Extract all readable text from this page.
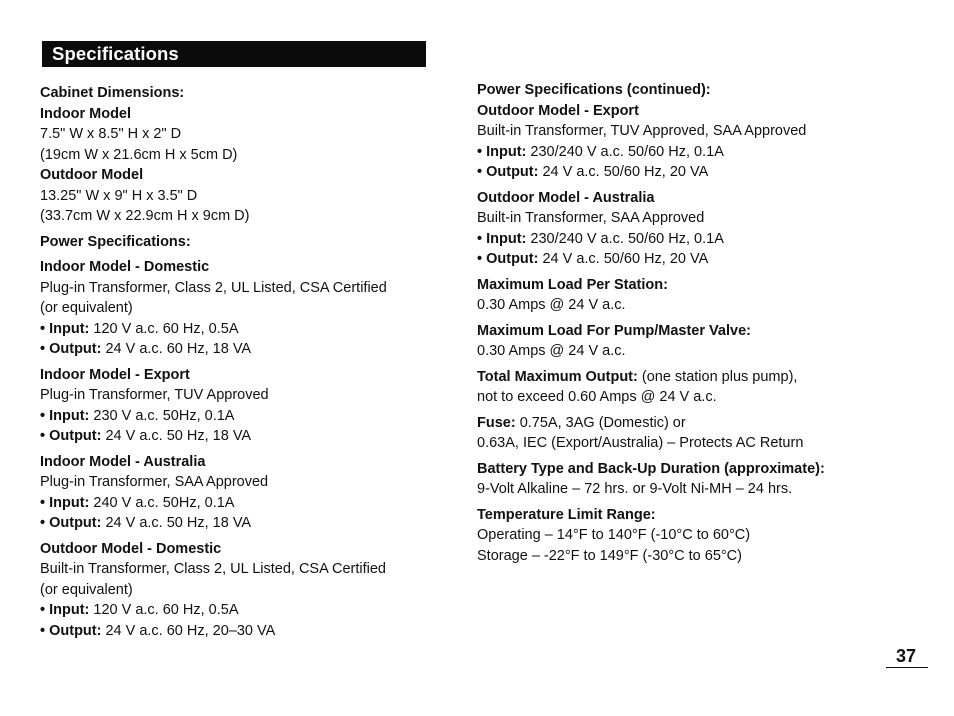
Specifications
Cabinet Dimensions:
Indoor Model
7.5" W x 8.5" H x 2" D
(19cm W x 21.6cm H x 5cm D)
Outdoor Model
13.25" W x 9" H x 3.5" D
(33.7cm W x 22.9cm H x 9cm D)
Power Specifications:
Indoor Model - Domestic
Plug-in Transformer, Class 2, UL Listed, CSA Certified
(or equivalent)
• Input: 120 V a.c. 60 Hz, 0.5A
• Output: 24 V a.c. 60 Hz, 18 VA
Indoor Model - Export
Plug-in Transformer, TUV Approved
• Input: 230 V a.c. 50Hz, 0.1A
• Output: 24 V a.c. 50 Hz, 18 VA
Indoor Model - Australia
Plug-in Transformer, SAA Approved
• Input: 240 V a.c. 50Hz, 0.1A
• Output: 24 V a.c. 50 Hz, 18 VA
Outdoor Model - Domestic
Built-in Transformer, Class 2, UL Listed, CSA Certified
(or equivalent)
• Input: 120 V a.c. 60 Hz, 0.5A
• Output: 24 V a.c. 60 Hz, 20–30 VA
Power Specifications (continued):
Outdoor Model - Export
Built-in Transformer, TUV Approved, SAA Approved
• Input: 230/240 V a.c. 50/60 Hz, 0.1A
• Output: 24 V a.c. 50/60 Hz, 20 VA
Outdoor Model - Australia
Built-in Transformer, SAA Approved
• Input: 230/240 V a.c. 50/60 Hz, 0.1A
• Output: 24 V a.c. 50/60 Hz, 20 VA
Maximum Load Per Station:
0.30 Amps @ 24 V a.c.
Maximum Load For Pump/Master Valve:
0.30 Amps @ 24 V a.c.
Total Maximum Output: (one station plus pump),
not to exceed 0.60 Amps @ 24 V a.c.
Fuse: 0.75A, 3AG (Domestic) or
0.63A, IEC (Export/Australia) – Protects AC Return
Battery Type and Back-Up Duration (approximate):
9-Volt Alkaline – 72 hrs. or 9-Volt Ni-MH – 24 hrs.
Temperature Limit Range:
Operating – 14°F to 140°F (-10°C to 60°C)
Storage – -22°F to 149°F (-30°C to 65°C)
37
